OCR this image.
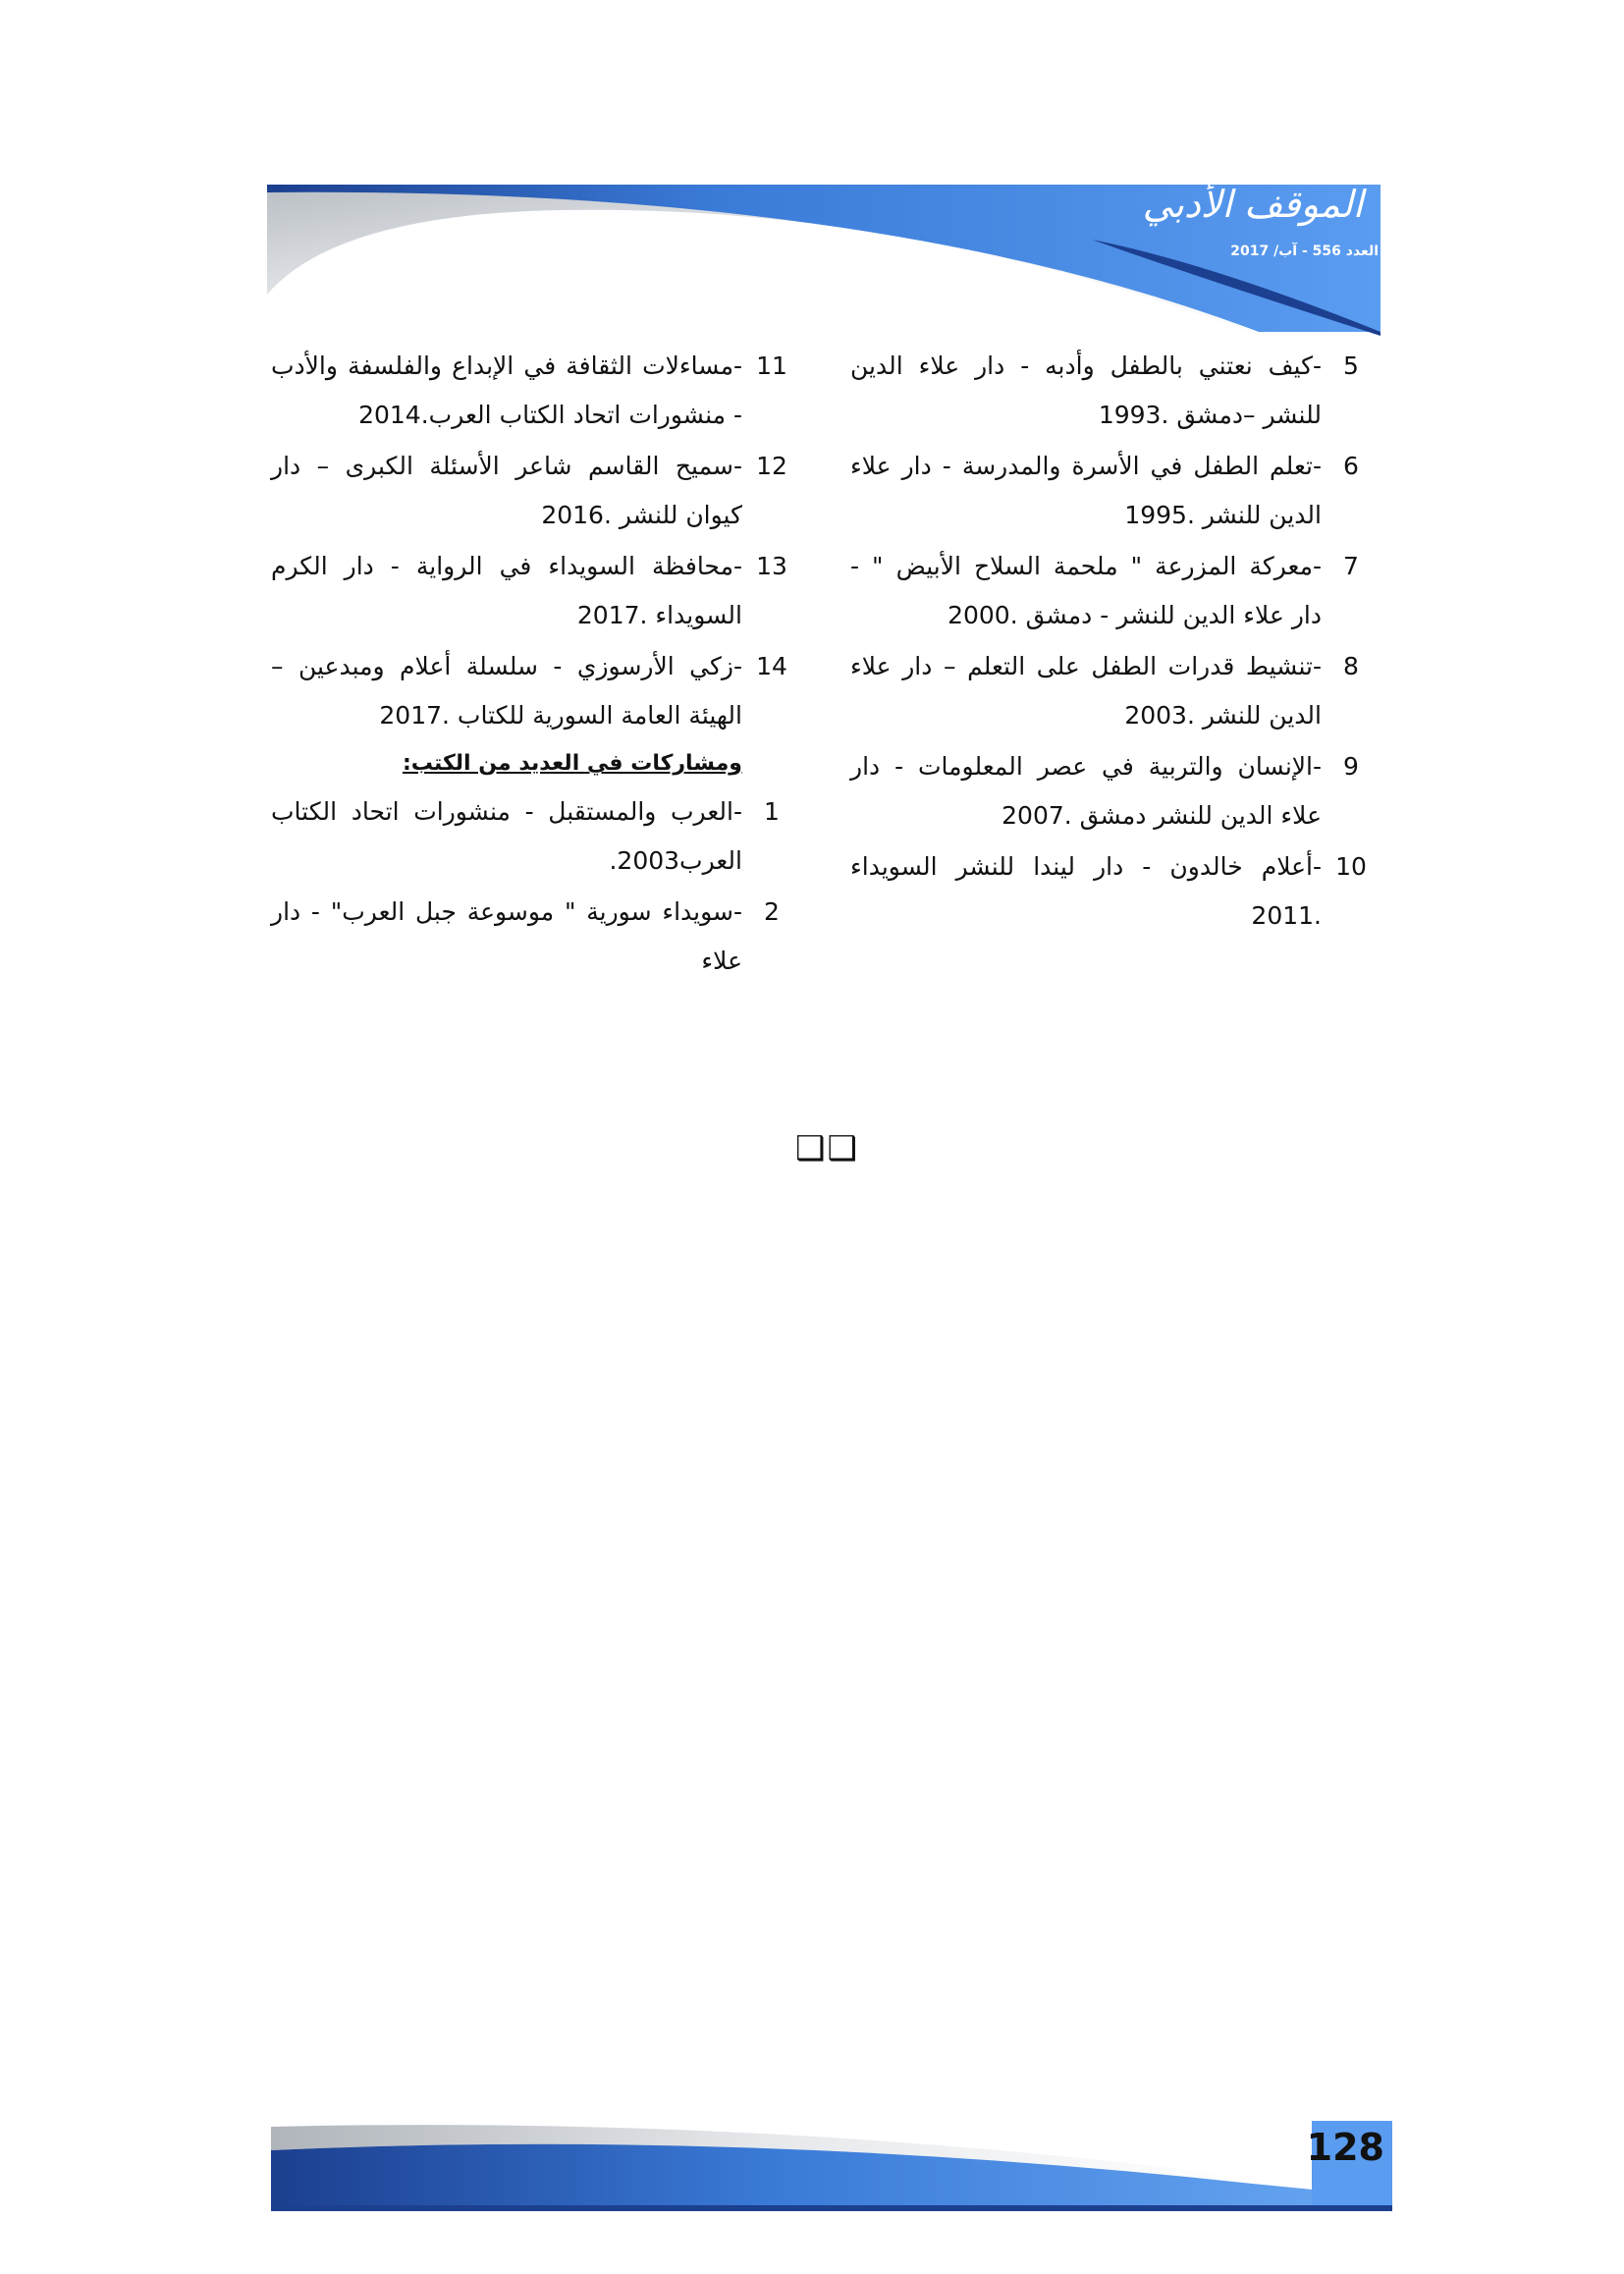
الموقف الأدبي
العدد 556 - آب/ 2017
5
-كيف نعتني بالطفل وأدبه - دار علاء الدين للنشر –دمشق .1993
6
-تعلم الطفل في الأسرة والمدرسة - دار علاء الدين للنشر .1995
7
-معركة المزرعة " ملحمة السلاح الأبيض " - دار علاء الدين للنشر - دمشق .2000
8
-تنشيط قدرات الطفل على التعلم – دار علاء الدين للنشر .2003
9
-الإنسان والتربية في عصر المعلومات - دار علاء الدين للنشر دمشق .2007
10
-أعلام خالدون - دار ليندا للنشر السويداء .2011
11
-مساءلات الثقافة في الإبداع والفلسفة والأدب - منشورات اتحاد الكتاب العرب.2014
12
-سميح القاسم شاعر الأسئلة الكبرى – دار كيوان للنشر .2016
13
-محافظة السويداء في الرواية - دار الكرم السويداء .2017
14
-زكي الأرسوزي - سلسلة أعلام ومبدعين – الهيئة العامة السورية للكتاب .2017
ومشاركات في العديد من الكتب:
1
-العرب والمستقبل - منشورات اتحاد الكتاب العرب2003.
2
-سويداء سورية " موسوعة جبل العرب" - دار علاء
❑❑
128
